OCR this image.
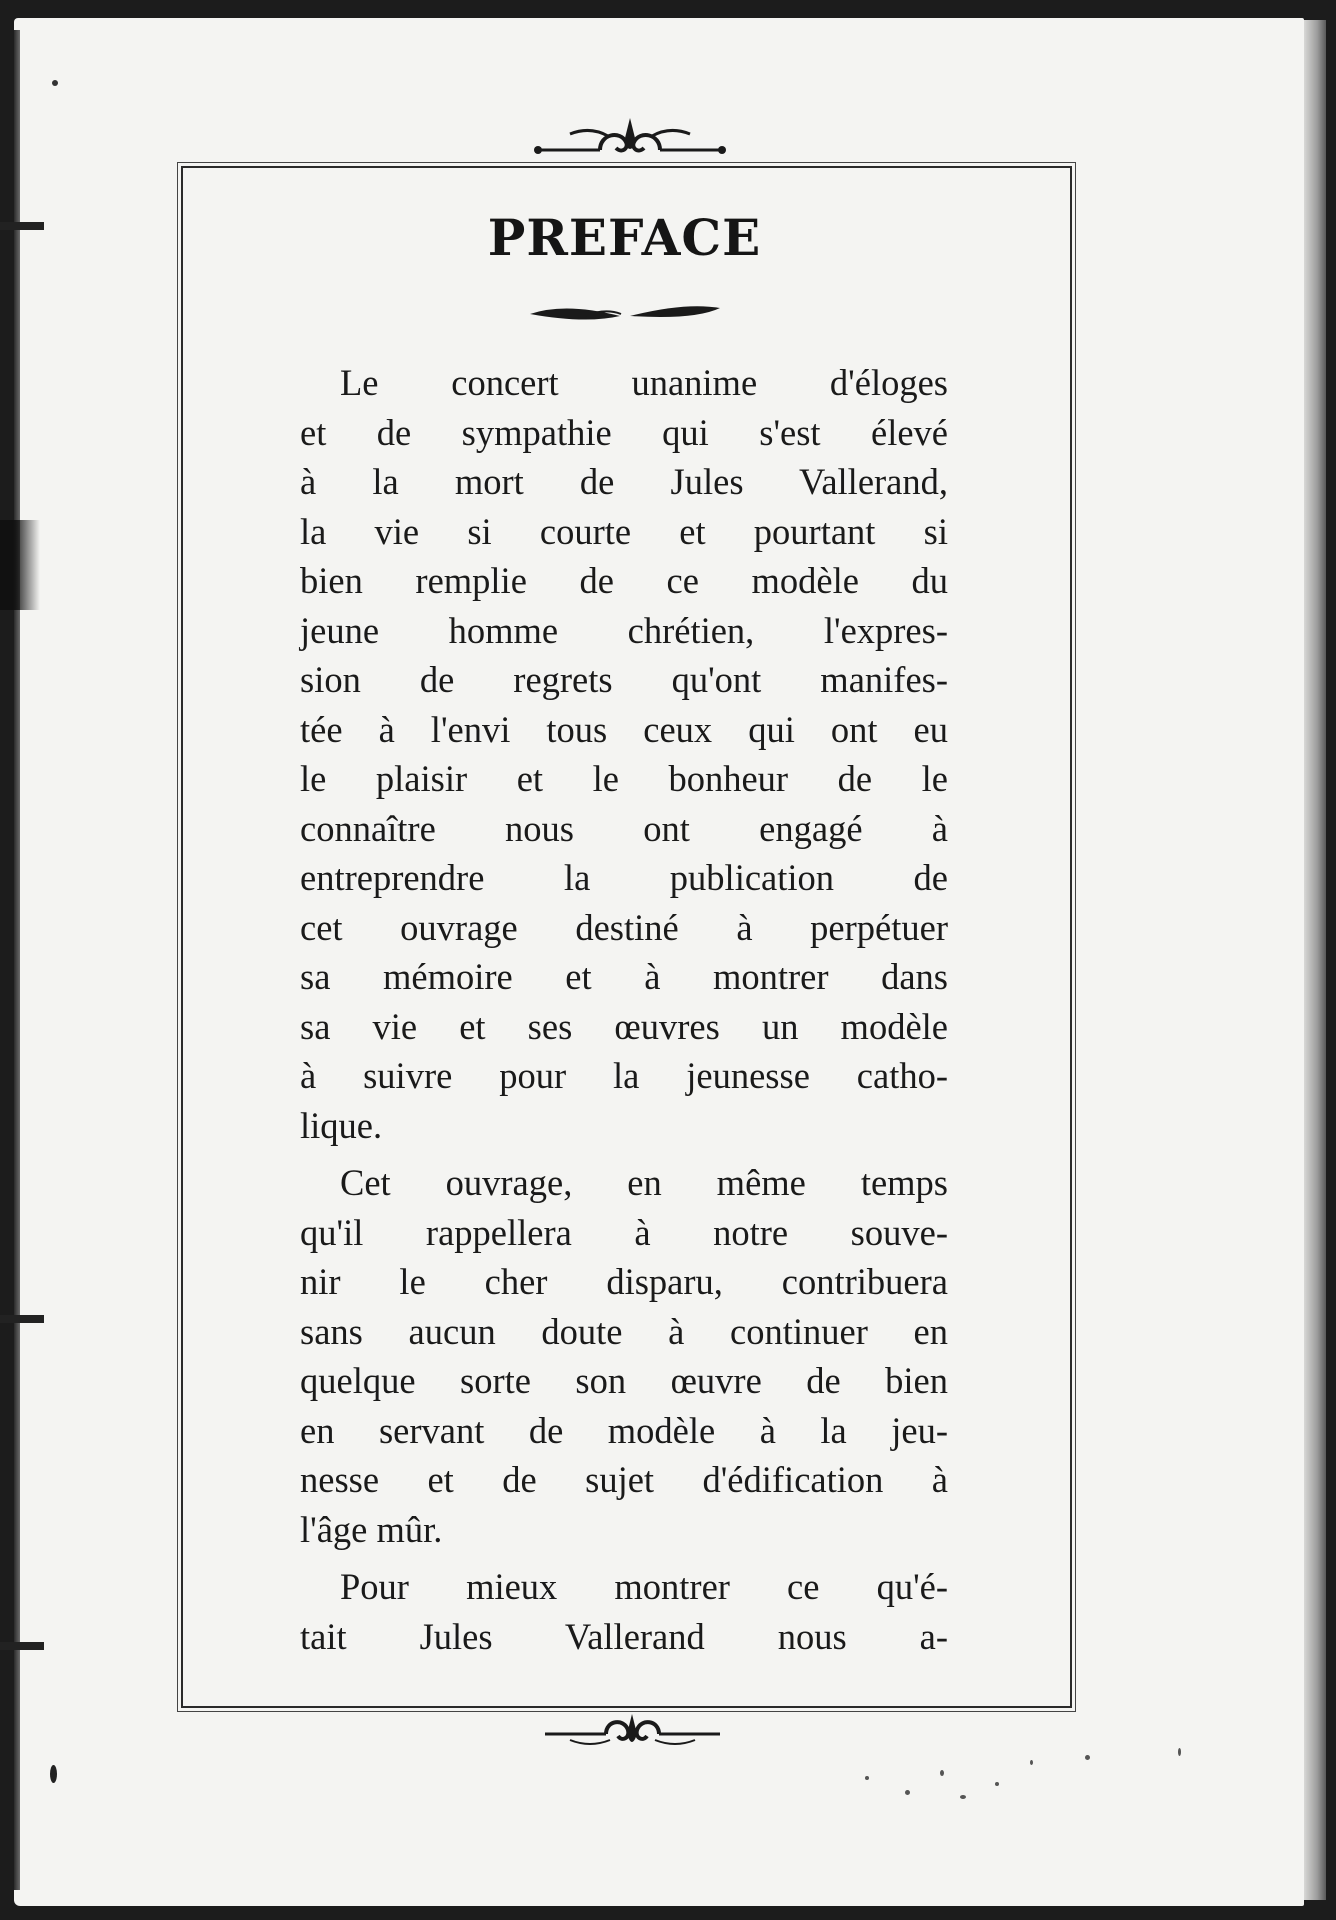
PREFACE

Le concert unanime d'éloges
et de sympathie qui s'est élevé
à la mort de Jules Vallerand,
la vie si courte et pourtant si
bien remplie de ce modèle du
jeune homme chrétien, l'expres-
sion de regrets qu'ont manifes-
tée à l'envi tous ceux qui ont eu
le plaisir et le bonheur de le
connaître nous ont engagé à
entreprendre la publication de
cet ouvrage destiné à perpétuer
sa mémoire et à montrer dans
sa vie et ses œuvres un modèle
à suivre pour la jeunesse catho-
lique.

Cet ouvrage, en même temps
qu'il rappellera à notre souve-
nir le cher disparu, contribuera
sans aucun doute à continuer en
quelque sorte son œuvre de bien
en servant de modèle à la jeu-
nesse et de sujet d'édification à
l'âge mûr.

Pour mieux montrer ce qu'é-
tait Jules Vallerand nous a-
